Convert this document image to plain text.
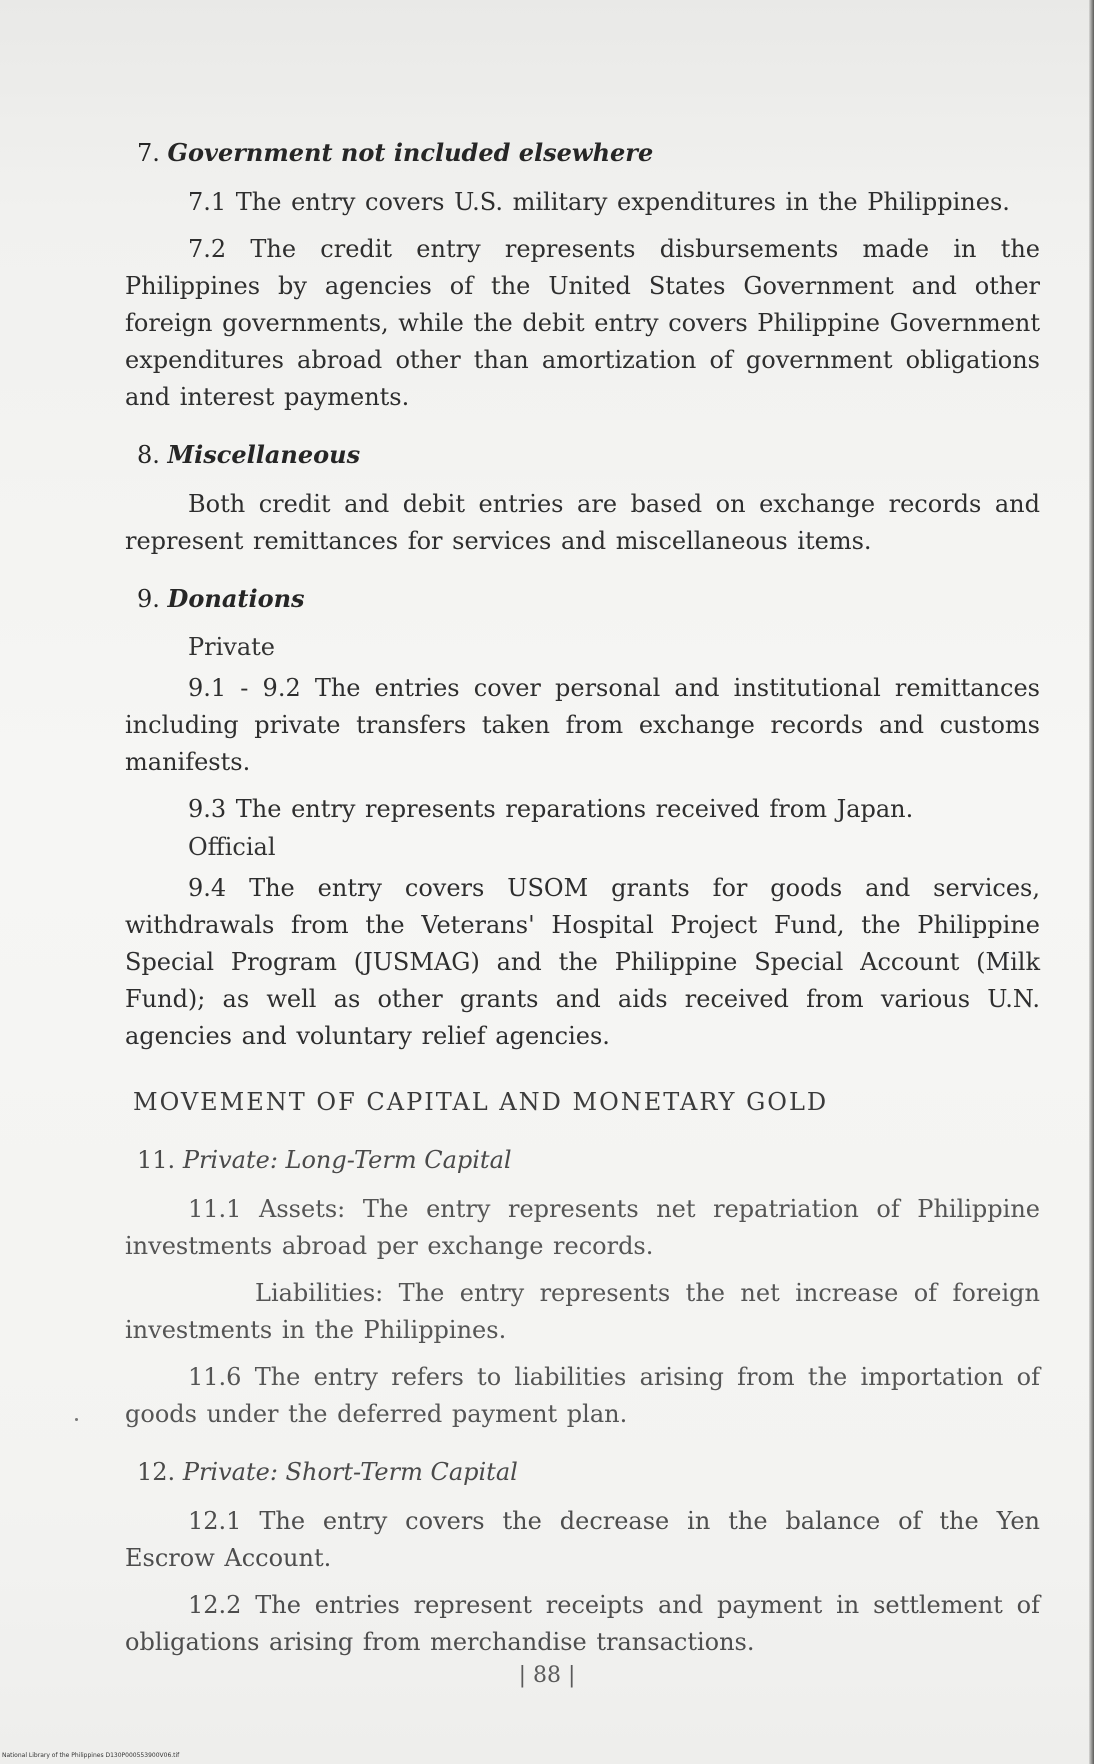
7. Government not included elsewhere

7.1 The entry covers U.S. military expenditures in the Philippines.

7.2 The credit entry represents disbursements made in the Philippines by agencies of the United States Government and other foreign governments, while the debit entry covers Philippine Government expenditures abroad other than amortization of government obligations and interest payments.

8. Miscellaneous

Both credit and debit entries are based on exchange records and represent remittances for services and miscellaneous items.

9. Donations
Private

9.1 - 9.2 The entries cover personal and institutional remittances including private transfers taken from exchange records and customs manifests.

9.3 The entry represents reparations received from Japan.

Official

9.4 The entry covers USOM grants for goods and services, withdrawals from the Veterans' Hospital Project Fund, the Philippine Special Program (JUSMAG) and the Philippine Special Account (Milk Fund); as well as other grants and aids received from various U.N. agencies and voluntary relief agencies.

MOVEMENT OF CAPITAL AND MONETARY GOLD
11. Private: Long-Term Capital

11.1 Assets: The entry represents net repatriation of Philippine investments abroad per exchange records.

Liabilities: The entry represents the net increase of foreign investments in the Philippines.

11.6 The entry refers to liabilities arising from the importation of goods under the deferred payment plan.

12. Private: Short-Term Capital

12.1 The entry covers the decrease in the balance of the Yen Escrow Account.

12.2 The entries represent receipts and payment in settlement of obligations arising from merchandise transactions.

| 88 |
National Library of the Philippines D130P000553900V06.tif
